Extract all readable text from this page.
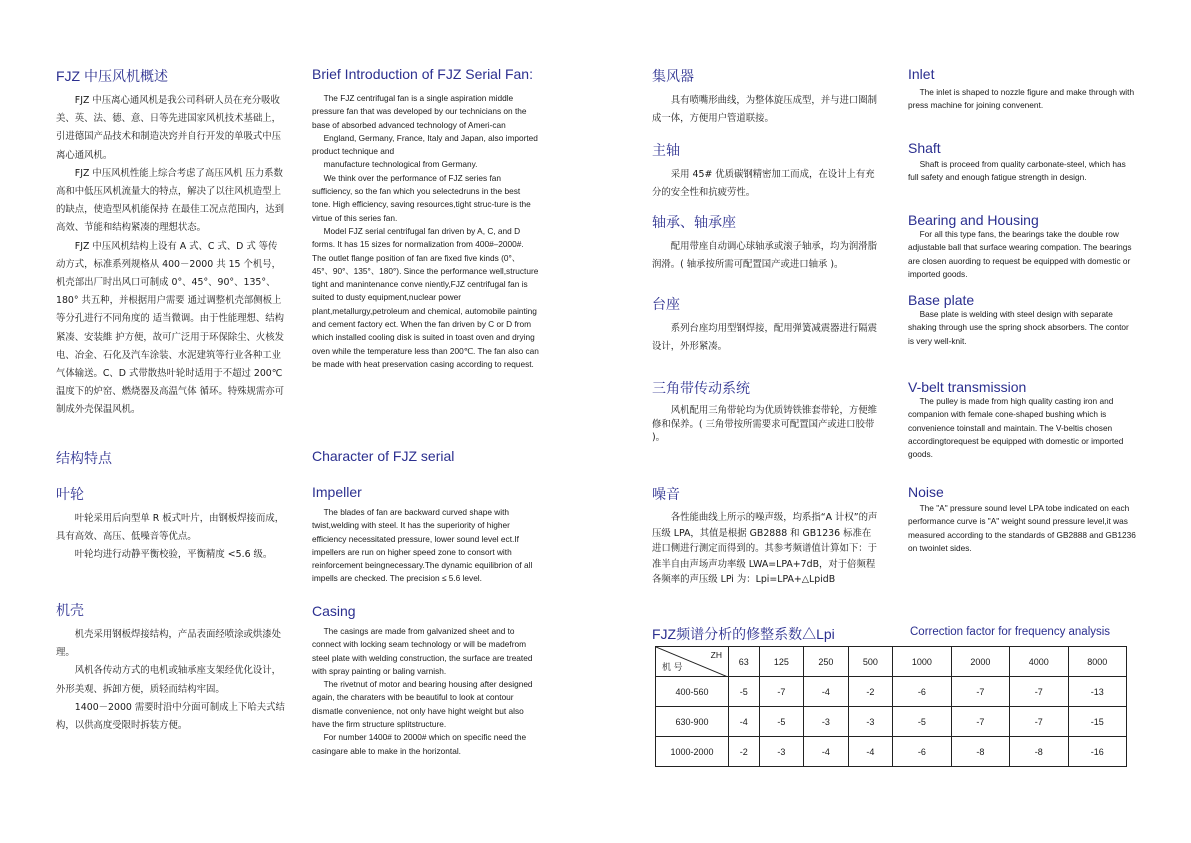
FJZ 中压风机概述

FJZ 中压离心通风机是我公司科研人员在充分吸收美、英、法、德、意、日等先进国家风机技术基础上，引进德国产品技术和制造决窍并自行开发的单吸式中压离心通风机。

FJZ 中压风机性能上综合考虑了高压风机 压力系数高和中低压风机流量大的特点，解决了以往风机造型上的缺点，使造型风机能保持 在最佳工况点范围内，达到高效、节能和结构紧凑的理想状态。

FJZ 中压风机结构上设有 A 式、C 式、D 式 等传动方式，标准系列规格从 400－2000 共 15 个机号，机壳部出厂时出风口可制成 0°、45°、90°、135°、180° 共五种，并根据用户需要 通过调整机壳部侧板上等分孔进行不同角度的 适当微调。由于性能理想、结构紧凑、安装維 护方便，故可广泛用于环保除尘、火核发电、冶金、石化及汽车涂装、水泥建筑等行业各种工业气体输送。C、D 式带散热叶轮时适用于不超过 200℃温度下的炉窑、燃烧器及高温气体 循环。特殊规需亦可制成外壳保温风机。

结构特点
叶轮

叶轮采用后向型单 R 板式叶片，由钢板焊接而成，具有高效、高压、低噪音等优点。

叶轮均进行动静平衡校验，平衡精度 <5.6 级。

机壳

机壳采用钢板焊接结构，产品表面经喷涂或烘漆处理。

风机各传动方式的电机或轴承座支架经优化设计，外形美观、拆卸方便，质轻而结构牢固。

1400－2000 需要时沿中分面可制成上下哈夫式结构，以供高度受限时拆装方便。

Brief Introduction of FJZ Serial Fan:

The FJZ centrifugal fan is a single aspiration middle pressure fan that was developed by our technicians on the base of absorbed advanced technology of Ameri-can

England, Germany, France, Italy and Japan, also imported product technique and

manufacture technological from Germany.

We think over the performance of FJZ series fan sufficiency, so the fan which you selectedruns in the best tone. High efficiency, saving resources,tight struc-ture is the virtue of this series fan.

Model FJZ serial centrifugal fan driven by A, C, and D forms. It has 15 sizes for normalization from 400#–2000#. The outlet flange position of fan are fixed five kinds (0°、45°、90°、135°、180°). Since the performance well,structure tight and manintenance conve niently,FJZ centrifugal fan is suited to dusty equipment,nuclear power plant,metallurgy,petroleum and chemical, automobile painting and cement factory ect. When the fan driven by C or D from which installed cooling disk is suited in toast oven and drying oven while the temperature less than 200℃. The fan also can be made with heat preservation casing according to request.

Character of FJZ serial
Impeller

The blades of fan are backward curved shape with twist,welding with steel. It has the superiority of higher efficiency necessitated pressure, lower sound level ect.If impellers are run on higher speed zone to consort with reinforcement beingnecessary.The dynamic equilibrion of all impells are checked. The precision ≤ 5.6 level.

Casing

The casings are made from galvanized sheet and to connect with locking seam technology or will be madefrom steel plate with welding construction, the surface are treated with spray painting or baling varnish.

The rivetnut of motor and bearing housing after designed again, the charaters with be beautiful to look at contour dismatle convenience, not only have hight weight but also have the firm structure splitstructure.

For number 1400# to 2000# which on specific need the casingare able to make in the horizontal.

集风器

具有喷嘴形曲线，为整体旋压成型，并与进口圈制成一体，方便用户管道联接。

主轴

采用 45# 优质碳钢精密加工而成，在设计上有充分的安全性和抗疲劳性。

轴承、轴承座

配用带座自动调心球轴承或滚子轴承，均为润滑脂润滑。( 轴承按所需可配置国产或进口轴承 )。

台座

系列台座均用型钢焊接，配用弹簧减震器进行隔震设计，外形紧凑。

三角带传动系统

风机配用三角带轮均为优质铸铁锥套带轮，方便维修和保养。( 三角带按所需要求可配置国产或进口胶带 )。

噪音

各性能曲线上所示的噪声级，均系指“A 计权”的声压级 LPA，其值是根据 GB2888 和 GB1236 标准在进口侧进行测定而得到的。其参考频谱值计算如下：于准半自由声场声功率级 LWA=LPA+7dB，对于倍频程各频率的声压级 LPi 为：Lpi=LPA+△LpidB

Inlet

The inlet is shaped to nozzle figure and make through with press machine for joining convenent.

Shaft

Shaft is proceed from quality carbonate-steel, which has full safety and enough fatigue strength in design.

Bearing and Housing

For all this type fans, the bearings take the double row adjustable ball that surface wearing compation. The bearings are closen auording to request be equipped with domestic or imported goods.

Base plate

Base plate is welding with steel design with separate shaking through use the spring shock absorbers. The contor is very well-knit.

V-belt transmission

The pulley is made from high quality casting iron and companion with female cone-shaped bushing which is convenience toinstall and maintain. The V-beltis chosen accordingtorequest be equipped with domestic or imported goods.

Noise

The "A" pressure sound level LPA tobe indicated on each performance curve is "A" weight sound pressure level,it was measured according to the standards of GB2888 and GB1236 on twoinlet sides.

FJZ频谱分析的修整系数△Lpi	Correction factor for frequency analysis
ZH
机 号	63	125	250	500	1000	2000	4000	8000
400-560	-5	-7	-4	-2	-6	-7	-7	-13
630-900	-4	-5	-3	-3	-5	-7	-7	-15
1000-2000	-2	-3	-4	-4	-6	-8	-8	-16
